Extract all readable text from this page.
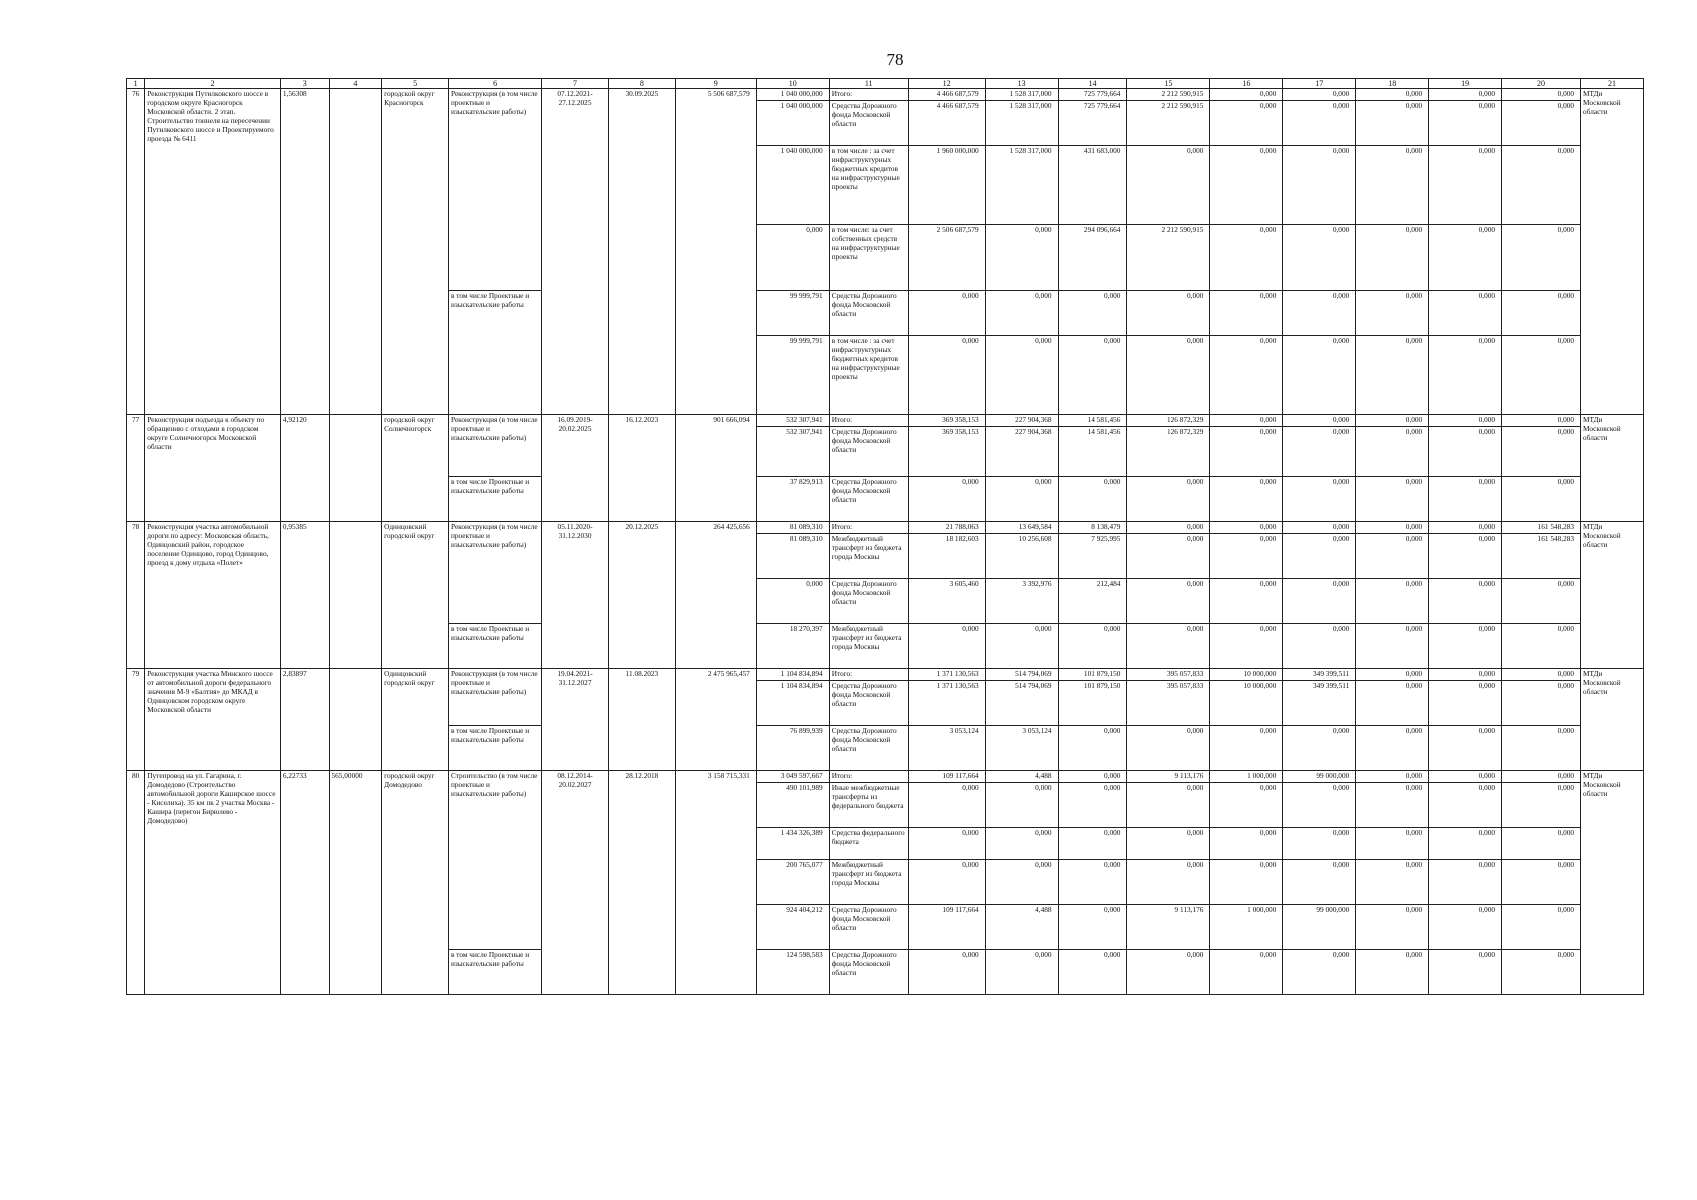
78
1	2	3	4	5	6	7	8	9	10	11	12	13	14	15	16	17	18	19	20	21
76	Реконструкция Путилковского шоссе в городском округе Красногорск Московской области. 2 этап. Строительство тоннеля на пересечении Путилковского шоссе и Проектируемого проезда № 6411	1,56308		городской округ Красногорск	Реконструкция (в том числе проектные и изыскательские работы)	07.12.2021-27.12.2025	30.09.2025	5 506 687,579	1 040 000,000	Итого:	4 466 687,579	1 528 317,000	725 779,664	2 212 590,915	0,000	0,000	0,000	0,000	0,000	МТДи Московской области
									1 040 000,000	Средства Дорожного фонда Московской области	4 466 687,579	1 528 317,000	725 779,664	2 212 590,915	0,000	0,000	0,000	0,000	0,000	
									1 040 000,000	в том числе : за счет инфраструктурных бюджетных кредитов на инфраструктурные проекты	1 960 000,000	1 528 317,000	431 683,000	0,000	0,000	0,000	0,000	0,000	0,000	
									0,000	в том числе: за счет собственных средств на инфраструктурные проекты	2 506 687,579	0,000	294 096,664	2 212 590,915	0,000	0,000	0,000	0,000	0,000	
					в том числе Проектные и изыскательские работы				99 999,791	Средства Дорожного фонда Московской области	0,000	0,000	0,000	0,000	0,000	0,000	0,000	0,000	0,000	
									99 999,791	в том числе : за счет инфраструктурных бюджетных кредитов на инфраструктурные проекты	0,000	0,000	0,000	0,000	0,000	0,000	0,000	0,000	0,000	
77	Реконструкция подъезда к объекту по обращению с отходами в городском округе Солнечногорск Московской области	4,92120		городской округ Солнечногорск	Реконструкция (в том числе проектные и изыскательские работы)	16.09.2019-20.02.2025	16.12.2023	901 666,094	532 307,941	Итого:	369 358,153	227 904,368	14 581,456	126 872,329	0,000	0,000	0,000	0,000	0,000	МТДи Московской области
									532 307,941	Средства Дорожного фонда Московской области	369 358,153	227 904,368	14 581,456	126 872,329	0,000	0,000	0,000	0,000	0,000	
					в том числе Проектные и изыскательские работы				37 829,913	Средства Дорожного фонда Московской области	0,000	0,000	0,000	0,000	0,000	0,000	0,000	0,000	0,000	
78	Реконструкция участка автомобильной дороги по адресу: Московская область, Одинцовский район, городское поселение Одинцово, город Одинцово, проезд к дому отдыха «Полет»	0,95385		Одинцовский городской округ	Реконструкция (в том числе проектные и изыскательские работы)	05.11.2020-31.12.2030	20.12.2025	264 425,656	81 089,310	Итого:	21 788,063	13 649,584	8 138,479	0,000	0,000	0,000	0,000	0,000	161 548,283	МТДи Московской области
									81 089,310	Межбюджетный трансферт из бюджета города Москвы	18 182,603	10 256,608	7 925,995	0,000	0,000	0,000	0,000	0,000	161 548,283	
									0,000	Средства Дорожного фонда Московской области	3 605,460	3 392,976	212,484	0,000	0,000	0,000	0,000	0,000	0,000	
					в том числе Проектные и изыскательские работы				18 270,397	Межбюджетный трансферт из бюджета города Москвы	0,000	0,000	0,000	0,000	0,000	0,000	0,000	0,000	0,000	
79	Реконструкция участка Минского шоссе от автомобильной дороги федерального значения М-9 «Балтия» до МКАД в Одинцовском городском округе Московской области	2,83897		Одинцовский городской округ	Реконструкция (в том числе проектные и изыскательские работы)	19.04.2021-31.12.2027	11.08.2023	2 475 965,457	1 104 834,894	Итого:	1 371 130,563	514 794,069	101 879,150	395 057,833	10 000,000	349 399,511	0,000	0,000	0,000	МТДи Московской области
									1 104 834,894	Средства Дорожного фонда Московской области	1 371 130,563	514 794,069	101 879,150	395 057,833	10 000,000	349 399,511	0,000	0,000	0,000	
					в том числе Проектные и изыскательские работы				76 899,939	Средства Дорожного фонда Московской области	3 053,124	3 053,124	0,000	0,000	0,000	0,000	0,000	0,000	0,000	
80	Путепровод на ул. Гагарина, г. Домодедово (Строительство автомобильной дороги Каширское шоссе - Киселиха). 35 км пк 2 участка Москва - Кашира (перегон Бирюлево - Домодедово)	6,22733	565,00000	городской округ Домодедово	Строительство (в том числе проектные и изыскательские работы)	08.12.2014-20.02.2027	28.12.2018	3 158 715,331	3 049 597,667	Итого:	109 117,664	4,488	0,000	9 113,176	1 000,000	99 000,000	0,000	0,000	0,000	МТДи Московской области
									490 101,989	Иные межбюджетные трансферты из федерального бюджета	0,000	0,000	0,000	0,000	0,000	0,000	0,000	0,000	0,000	
									1 434 326,389	Средства федерального бюджета	0,000	0,000	0,000	0,000	0,000	0,000	0,000	0,000	0,000	
									200 765,077	Межбюджетный трансферт из бюджета города Москвы	0,000	0,000	0,000	0,000	0,000	0,000	0,000	0,000	0,000	
									924 404,212	Средства Дорожного фонда Московской области	109 117,664	4,488	0,000	9 113,176	1 000,000	99 000,000	0,000	0,000	0,000	
					в том числе Проектные и изыскательские работы				124 598,583	Средства Дорожного фонда Московской области	0,000	0,000	0,000	0,000	0,000	0,000	0,000	0,000	0,000	
